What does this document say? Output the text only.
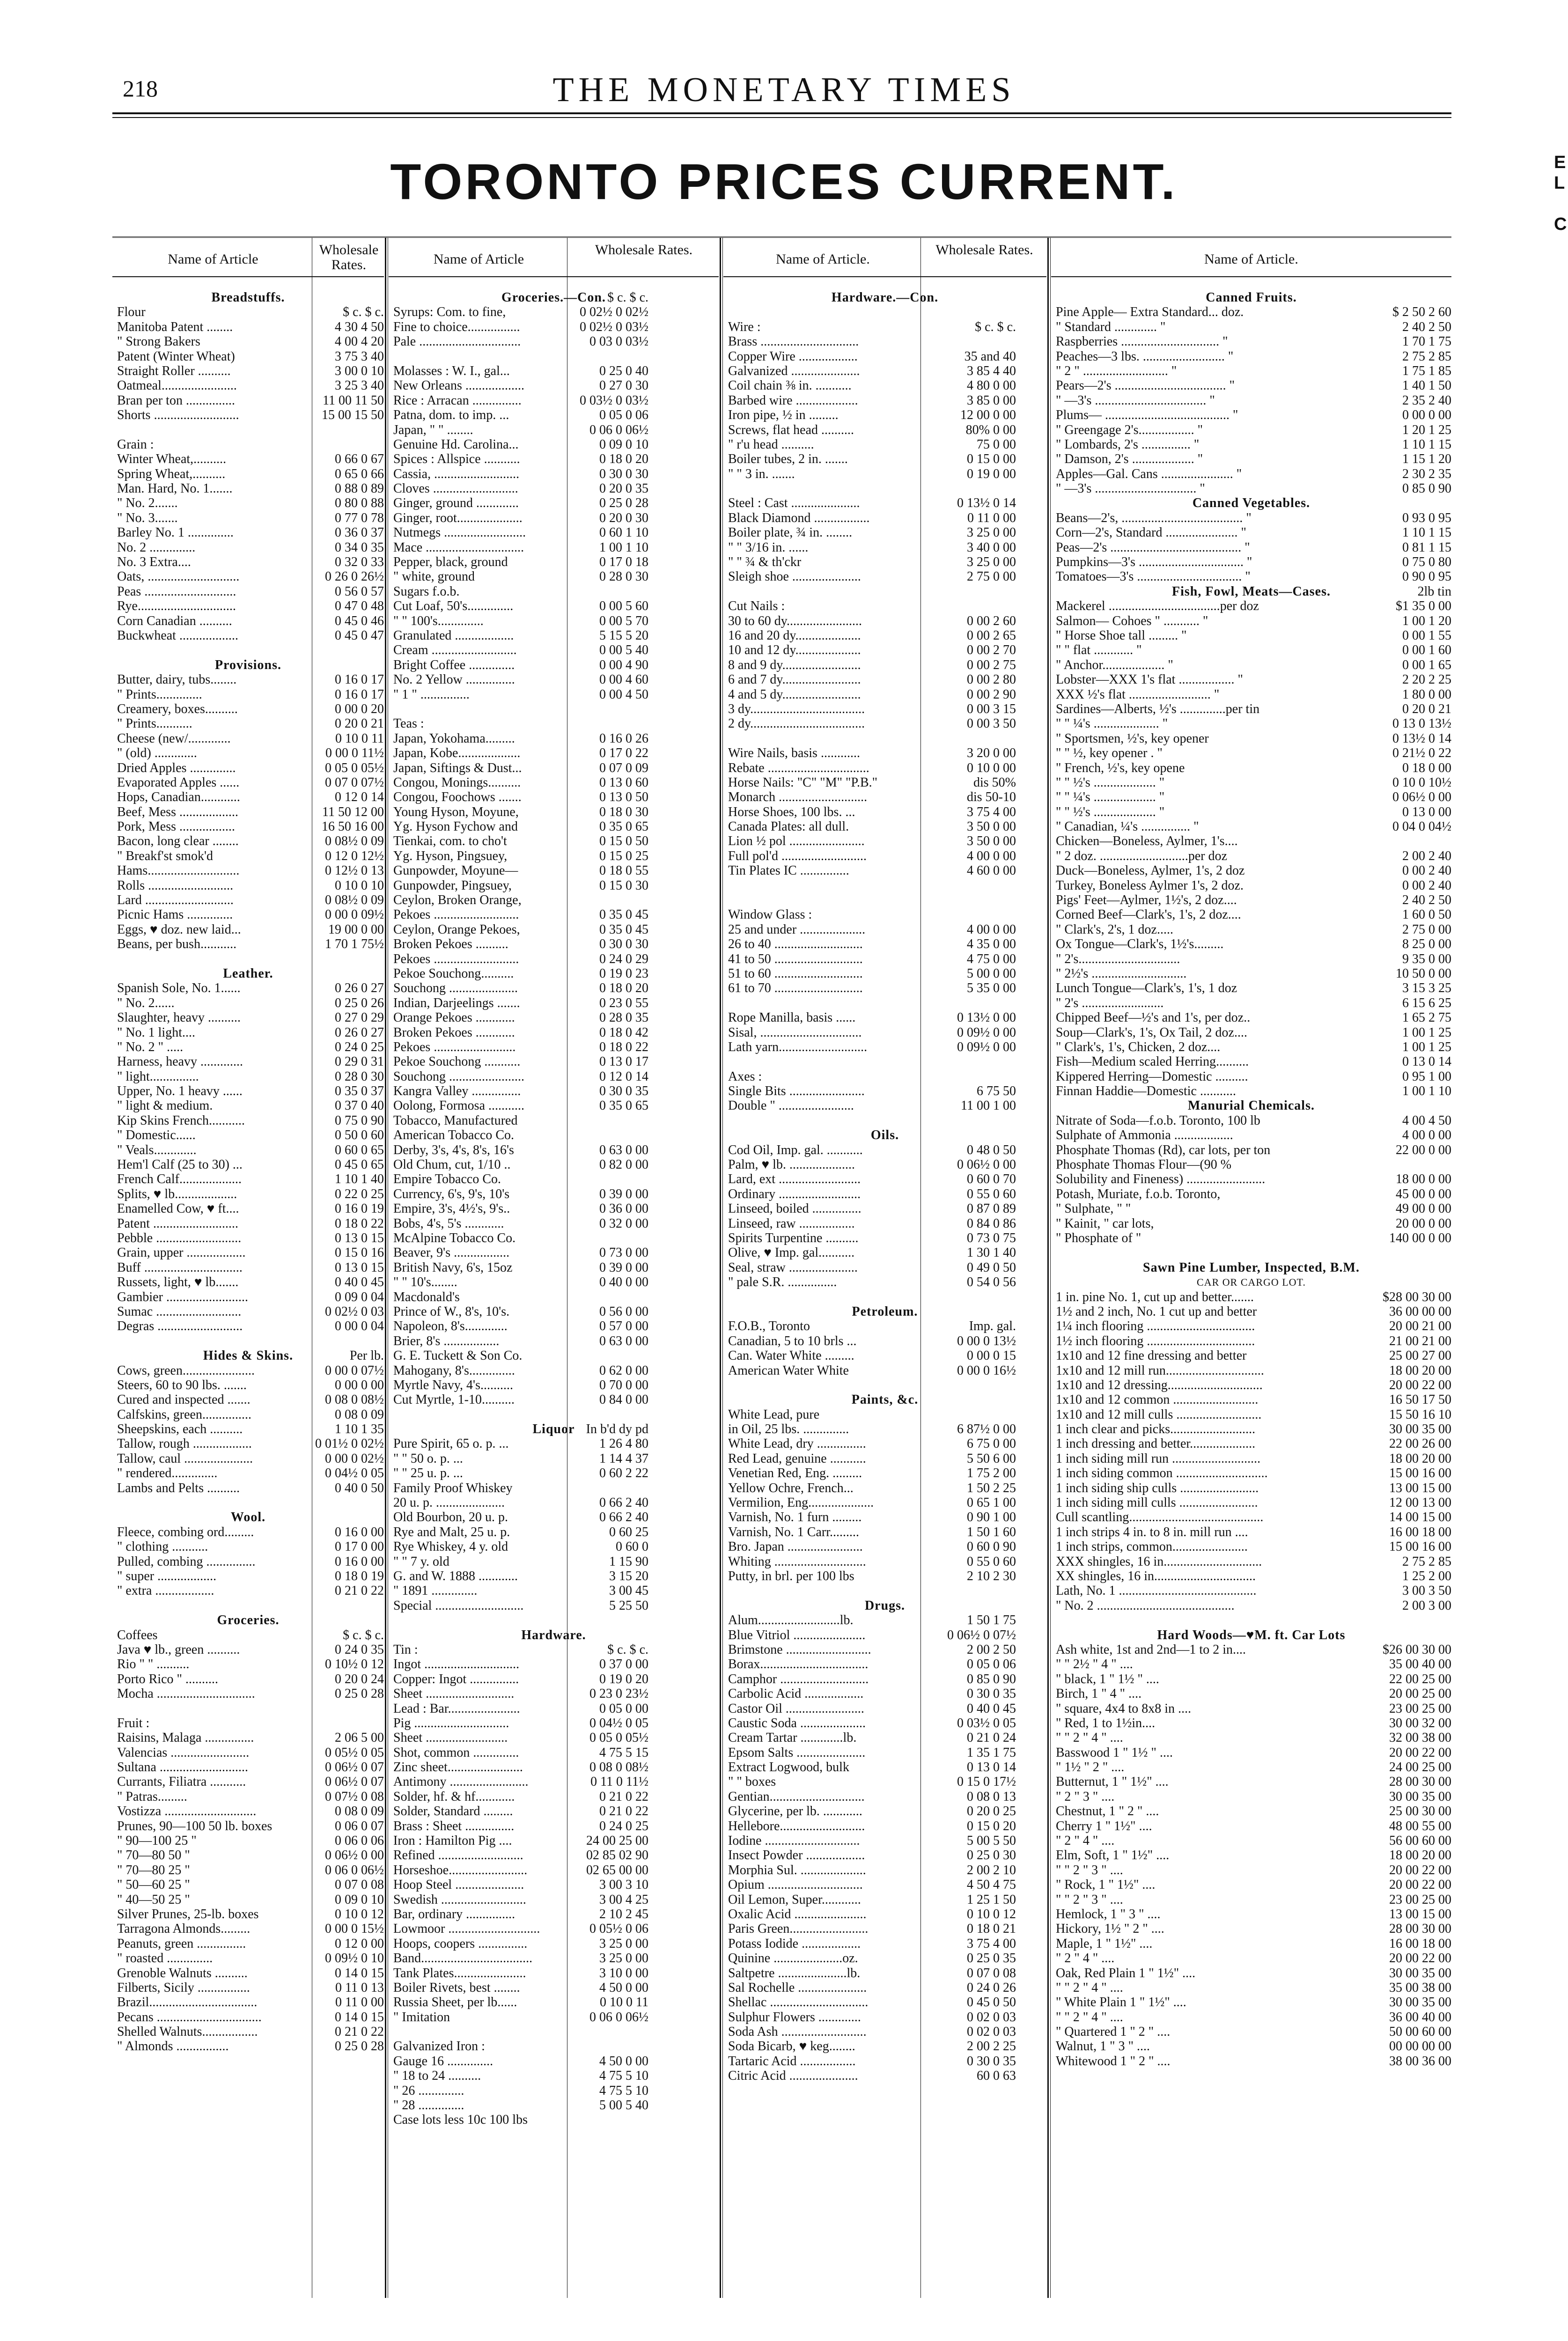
218	THE MONETARY TIMES
TORONTO PRICES CURRENT.	E
L

C

Name of Article
Wholesale Rates.
Breadstuffs.
Flour	$ c. $ c.
Manitoba Patent ........	4 30 4 50
" Strong Bakers	4 00 4 20
Patent (Winter Wheat)	3 75 3 40
Straight Roller ..........	3 00 0 10
Oatmeal.......................	3 25 3 40
Bran per ton ...............	11 00 11 50
Shorts ..........................	15 00 15 50
Grain :
Winter Wheat,..........	0 66 0 67
Spring Wheat,..........	0 65 0 66
Man. Hard, No. 1.......	0 88 0 89
" No. 2.......	0 80 0 88
" No. 3.......	0 77 0 78
Barley No. 1 ..............	0 36 0 37
No. 2 ..............	0 34 0 35
No. 3 Extra....	0 32 0 33
Oats, ............................	0 26 0 26½
Peas ............................	0 56 0 57
Rye..............................	0 47 0 48
Corn Canadian ..........	0 45 0 46
Buckwheat ..................	0 45 0 47
Provisions.
Butter, dairy, tubs........	0 16 0 17
" Prints..............	0 16 0 17
Creamery, boxes..........	0 00 0 20
" Prints...........	0 20 0 21
Cheese (new/.............	0 10 0 11
" (old) .............	0 00 0 11½
Dried Apples ..............	0 05 0 05½
Evaporated Apples ......	0 07 0 07½
Hops, Canadian............	0 12 0 14
Beef, Mess ..................	11 50 12 00
Pork, Mess .................	16 50 16 00
Bacon, long clear ........	0 08½ 0 09
" Breakf'st smok'd	0 12 0 12½
Hams............................	0 12½ 0 13
Rolls ..........................	0 10 0 10
Lard ...........................	0 08½ 0 09
Picnic Hams ..............	0 00 0 09½
Eggs, ♥ doz. new laid...	19 00 0 00
Beans, per bush...........	1 70 1 75½
Leather.
Spanish Sole, No. 1......	0 26 0 27
" No. 2......	0 25 0 26
Slaughter, heavy ..........	0 27 0 29
" No. 1 light....	0 26 0 27
" No. 2 " .....	0 24 0 25
Harness, heavy .............	0 29 0 31
" light...............	0 28 0 30
Upper, No. 1 heavy ......	0 35 0 37
" light & medium.	0 37 0 40
Kip Skins French...........	0 75 0 90
" Domestic......	0 50 0 60
" Veals.............	0 60 0 65
Hem'l Calf (25 to 30) ...	0 45 0 65
French Calf...................	1 10 1 40
Splits, ♥ lb...................	0 22 0 25
Enamelled Cow, ♥ ft....	0 16 0 19
Patent ..........................	0 18 0 22
Pebble ..........................	0 13 0 15
Grain, upper ..................	0 15 0 16
Buff ..............................	0 13 0 15
Russets, light, ♥ lb.......	0 40 0 45
Gambier .........................	0 09 0 04
Sumac ..........................	0 02½ 0 03
Degras ..........................	0 00 0 04
Hides & Skins.	Per lb.
Cows, green......................	0 00 0 07½
Steers, 60 to 90 lbs. .......	0 00 0 00
Cured and inspected .......	0 08 0 08½
Calfskins, green...............	0 08 0 09
Sheepskins, each ..........	1 10 1 35
Tallow, rough ..................	0 01½ 0 02½
Tallow, caul .....................	0 00 0 02½
" rendered..............	0 04½ 0 05
Lambs and Pelts ..........	0 40 0 50
Wool.
Fleece, combing ord.........	0 16 0 00
" clothing ...........	0 17 0 00
Pulled, combing ...............	0 16 0 00
" super ..................	0 18 0 19
" extra ..................	0 21 0 22
Groceries.
Coffees	$ c. $ c.
Java ♥ lb., green ..........	0 24 0 35
Rio " " ..........	0 10½ 0 12
Porto Rico " ..........	0 20 0 24
Mocha ..............................	0 25 0 28
Fruit :
Raisins, Malaga ...............	2 06 5 00
Valencias ........................	0 05½ 0 05
Sultana ...........................	0 06½ 0 07
Currants, Filiatra ...........	0 06½ 0 07
" Patras.........	0 07½ 0 08
Vostizza ............................	0 08 0 09
Prunes, 90—100 50 lb. boxes	0 06 0 07
" 90—100 25 "	0 06 0 06
" 70—80 50 "	0 06½ 0 00
" 70—80 25 "	0 06 0 06½
" 50—60 25 "	0 07 0 08
" 40—50 25 "	0 09 0 10
Silver Prunes, 25-lb. boxes	0 10 0 12
Tarragona Almonds.........	0 00 0 15½
Peanuts, green ...............	0 12 0 00
" roasted ..............	0 09½ 0 10
Grenoble Walnuts ..........	0 14 0 15
Filberts, Sicily ................	0 11 0 13
Brazil.................................	0 11 0 00
Pecans ................................	0 14 0 15
Shelled Walnuts.................	0 21 0 22
" Almonds ................	0 25 0 28
Name of Article
Wholesale Rates.
Groceries.—Con. $ c. $ c.
Syrups: Com. to fine,	0 02½ 0 02½
Fine to choice................	0 02½ 0 03½
Pale ...............................	0 03 0 03½
Molasses : W. I., gal...	0 25 0 40
New Orleans ..................	0 27 0 30
Rice : Arracan ...............	0 03½ 0 03½
Patna, dom. to imp. ...	0 05 0 06
Japan, " " ........	0 06 0 06½
Genuine Hd. Carolina...	0 09 0 10
Spices : Allspice ...........	0 18 0 20
Cassia, ..........................	0 30 0 30
Cloves ..........................	0 20 0 35
Ginger, ground .............	0 25 0 28
Ginger, root....................	0 20 0 30
Nutmegs .........................	0 60 1 10
Mace ..............................	1 00 1 10
Pepper, black, ground	0 17 0 18
" white, ground	0 28 0 30
Sugars f.o.b.
Cut Loaf, 50's..............	0 00 5 60
" " 100's..............	0 00 5 70
Granulated ..................	5 15 5 20
Cream ..........................	0 00 5 40
Bright Coffee ..............	0 00 4 90
No. 2 Yellow ...............	0 00 4 60
" 1 " ...............	0 00 4 50
Teas :
Japan, Yokohama.........	0 16 0 26
Japan, Kobe...................	0 17 0 22
Japan, Siftings & Dust...	0 07 0 09
Congou, Monings..........	0 13 0 60
Congou, Foochows .......	0 13 0 50
Young Hyson, Moyune,	0 18 0 30
Yg. Hyson Fychow and	0 35 0 65
Tienkai, com. to cho't	0 15 0 50
Yg. Hyson, Pingsuey,	0 15 0 25
Gunpowder, Moyune—	0 18 0 55
Gunpowder, Pingsuey,	0 15 0 30
Ceylon, Broken Orange,
Pekoes ..........................	0 35 0 45
Ceylon, Orange Pekoes,	0 35 0 45
Broken Pekoes ..........	0 30 0 30
Pekoes ..........................	0 24 0 29
Pekoe Souchong..........	0 19 0 23
Souchong .....................	0 18 0 20
Indian, Darjeelings .......	0 23 0 55
Orange Pekoes ............	0 28 0 35
Broken Pekoes ............	0 18 0 42
Pekoes .........................	0 18 0 22
Pekoe Souchong ...........	0 13 0 17
Souchong .......................	0 12 0 14
Kangra Valley ...............	0 30 0 35
Oolong, Formosa ...........	0 35 0 65
Tobacco, Manufactured
American Tobacco Co.
Derby, 3's, 4's, 8's, 16's	0 63 0 00
Old Chum, cut, 1/10 ..	0 82 0 00
Empire Tobacco Co.
Currency, 6's, 9's, 10's	0 39 0 00
Empire, 3's, 4½'s, 9's..	0 36 0 00
Bobs, 4's, 5's ............	0 32 0 00
McAlpine Tobacco Co.
Beaver, 9's .................	0 73 0 00
British Navy, 6's, 15oz	0 39 0 00
" " 10's........	0 40 0 00
Macdonald's
Prince of W., 8's, 10's.	0 56 0 00
Napoleon, 8's.............	0 57 0 00
Brier, 8's .................	0 63 0 00
G. E. Tuckett & Son Co.
Mahogany, 8's..............	0 62 0 00
Myrtle Navy, 4's..........	0 70 0 00
Cut Myrtle, 1-10..........	0 84 0 00
Liquor In b'd dy pd
Pure Spirit, 65 o. p. ...	1 26 4 80
" " 50 o. p. ...	1 14 4 37
" " 25 u. p. ...	0 60 2 22
Family Proof Whiskey
20 u. p. .....................	0 66 2 40
Old Bourbon, 20 u. p.	0 66 2 40
Rye and Malt, 25 u. p.	0 60 25
Rye Whiskey, 4 y. old	0 60 0
" " 7 y. old	1 15 90
G. and W. 1888 ............	3 15 20
" 1891 ..............	3 00 45
Special ...........................	5 25 50
Hardware.
Tin :	$ c. $ c.
Ingot .............................	0 37 0 00
Copper: Ingot ...............	0 19 0 20
Sheet ...........................	0 23 0 23½
Lead : Bar......................	0 05 0 00
Pig .............................	0 04½ 0 05
Sheet .........................	0 05 0 05½
Shot, common ..............	4 75 5 15
Zinc sheet.......................	0 08 0 08½
Antimony ........................	0 11 0 11½
Solder, hf. & hf............	0 21 0 22
Solder, Standard .........	0 21 0 22
Brass : Sheet ...............	0 24 0 25
Iron : Hamilton Pig ....	24 00 25 00
Refined ..........................	02 85 02 90
Horseshoe........................	02 65 00 00
Hoop Steel .....................	3 00 3 10
Swedish ..........................	3 00 4 25
Bar, ordinary ...............	2 10 2 45
Lowmoor ............................	0 05½ 0 06
Hoops, coopers ...............	3 25 0 00
Band..................................	3 25 0 00
Tank Plates......................	3 10 0 00
Boiler Rivets, best ........	4 50 0 00
Russia Sheet, per lb......	0 10 0 11
" Imitation	0 06 0 06½
Galvanized Iron :
Gauge 16 ..............	4 50 0 00
" 18 to 24 ..........	4 75 5 10
" 26 ..............	4 75 5 10
" 28 ..............	5 00 5 40
Case lots less 10c 100 lbs
Name of Article.
Wholesale Rates.
Hardware.—Con.
Wire :	$ c. $ c.
Brass ..............................
Copper Wire ..................	35 and 40
Galvanized .....................	3 85 4 40
Coil chain ⅜ in. ...........	4 80 0 00
Barbed wire ...................	3 85 0 00
Iron pipe, ½ in .........	12 00 0 00
Screws, flat head ..........	80% 0 00
" r'u head ..........	75 0 00
Boiler tubes, 2 in. .......	0 15 0 00
" " 3 in. .......	0 19 0 00
Steel : Cast .....................	0 13½ 0 14
Black Diamond .................	0 11 0 00
Boiler plate, ¾ in. ........	3 25 0 00
" " 3/16 in. ......	3 40 0 00
" " ¾ & th'ckr	3 25 0 00
Sleigh shoe .....................	2 75 0 00
Cut Nails :
30 to 60 dy.......................	0 00 2 60
16 and 20 dy....................	0 00 2 65
10 and 12 dy....................	0 00 2 70
8 and 9 dy........................	0 00 2 75
6 and 7 dy........................	0 00 2 80
4 and 5 dy........................	0 00 2 90
3 dy...................................	0 00 3 15
2 dy...................................	0 00 3 50
Wire Nails, basis ............	3 20 0 00
Rebate ...............................	0 10 0 00
Horse Nails: "C" "M" "P.B."	dis 50%
Monarch ...........................	dis 50-10
Horse Shoes, 100 lbs. ...	3 75 4 00
Canada Plates: all dull.	3 50 0 00
Lion ½ pol .......................	3 50 0 00
Full pol'd ..........................	4 00 0 00
Tin Plates IC ...............	4 60 0 00
Window Glass :
25 and under ....................	4 00 0 00
26 to 40 ...........................	4 35 0 00
41 to 50 ...........................	4 75 0 00
51 to 60 ...........................	5 00 0 00
61 to 70 ...........................	5 35 0 00
Rope Manilla, basis ......	0 13½ 0 00
Sisal, ...............................	0 09½ 0 00
Lath yarn...........................	0 09½ 0 00
Axes :
Single Bits .......................	6 75 50
Double " .......................	11 00 1 00
Oils.
Cod Oil, Imp. gal. ...........	0 48 0 50
Palm, ♥ lb. ....................	0 06½ 0 00
Lard, ext .........................	0 60 0 70
Ordinary .........................	0 55 0 60
Linseed, boiled ...............	0 87 0 89
Linseed, raw .................	0 84 0 86
Spirits Turpentine ..........	0 73 0 75
Olive, ♥ Imp. gal...........	1 30 1 40
Seal, straw .....................	0 49 0 50
" pale S.R. ...............	0 54 0 56
Petroleum.
F.O.B., Toronto	Imp. gal.
Canadian, 5 to 10 brls ...	0 00 0 13½
Can. Water White .........	0 00 0 15
American Water White	0 00 0 16½
Paints, &c.
White Lead, pure
in Oil, 25 lbs. ..............	6 87½ 0 00
White Lead, dry ...............	6 75 0 00
Red Lead, genuine ...........	5 50 6 00
Venetian Red, Eng. .........	1 75 2 00
Yellow Ochre, French...	1 50 2 25
Vermilion, Eng....................	0 65 1 00
Varnish, No. 1 furn .........	0 90 1 00
Varnish, No. 1 Carr.........	1 50 1 60
Bro. Japan .......................	0 60 0 90
Whiting ............................	0 55 0 60
Putty, in brl. per 100 lbs	2 10 2 30
Drugs.
Alum.........................lb.	1 50 1 75
Blue Vitriol ......................	0 06½ 0 07½
Brimstone ..........................	2 00 2 50
Borax.................................	0 05 0 06
Camphor ...........................	0 85 0 90
Carbolic Acid ..................	0 30 0 35
Castor Oil ........................	0 40 0 45
Caustic Soda ....................	0 03½ 0 05
Cream Tartar .............lb.	0 21 0 24
Epsom Salts .....................	1 35 1 75
Extract Logwood, bulk	0 13 0 14
" " boxes	0 15 0 17½
Gentian.............................	0 08 0 13
Glycerine, per lb. ............	0 20 0 25
Hellebore..........................	0 15 0 20
Iodine .............................	5 00 5 50
Insect Powder ..................	0 25 0 30
Morphia Sul. ....................	2 00 2 10
Opium .............................	4 50 4 75
Oil Lemon, Super............	1 25 1 50
Oxalic Acid ......................	0 10 0 12
Paris Green........................	0 18 0 21
Potass Iodide ..................	3 75 4 00
Quinine .....................oz.	0 25 0 35
Saltpetre .....................lb.	0 07 0 08
Sal Rochelle .....................	0 24 0 26
Shellac ..............................	0 45 0 50
Sulphur Flowers .............	0 02 0 03
Soda Ash ..........................	0 02 0 03
Soda Bicarb, ♥ keg........	2 00 2 25
Tartaric Acid .................	0 30 0 35
Citric Acid .....................	60 0 63
Name of Article.
Canned Fruits.
Pine Apple— Extra Standard... doz.	$ 2 50 2 60
" Standard ............. "	2 40 2 50
Raspberries .............................. "	1 70 1 75
Peaches—3 lbs. ......................... "	2 75 2 85
" 2 " .......................... "	1 75 1 85
Pears—2's .................................. "	1 40 1 50
" —3's .................................. "	2 35 2 40
Plums— ...................................... "	0 00 0 00
" Greengage 2's................. "	1 20 1 25
" Lombards, 2's ............... "	1 10 1 15
" Damson, 2's ................... "	1 15 1 20
Apples—Gal. Cans ...................... "	2 30 2 35
" —3's ............................... "	0 85 0 90
Canned Vegetables.
Beans—2's, ..................................... "	0 93 0 95
Corn—2's, Standard ...................... "	1 10 1 15
Peas—2's ........................................ "	0 81 1 15
Pumpkins—3's ................................ "	0 75 0 80
Tomatoes—3's ................................ "	0 90 0 95
Fish, Fowl, Meats—Cases.	2lb tin
Mackerel ..................................per doz	$1 35 0 00
Salmon— Cohoes " ........... "	1 00 1 20
" Horse Shoe tall ......... "	0 00 1 55
" " flat ............ "	0 00 1 60
" Anchor................... "	0 00 1 65
Lobster—XXX 1's flat ................. "	2 20 2 25
XXX ½'s flat ......................... "	1 80 0 00
Sardines—Alberts, ½'s ..............per tin	0 20 0 21
" " ¼'s .................... "	0 13 0 13½
" Sportsmen, ½'s, key opener	0 13½ 0 14
" " ½, key opener . "	0 21½ 0 22
" French, ½'s, key opene	0 18 0 00
" " ½'s ................... "	0 10 0 10½
" " ¼'s ................... "	0 06½ 0 00
" " ½'s ................... "	0 13 0 00
" Canadian, ¼'s ............... "	0 04 0 04½
Chicken—Boneless, Aylmer, 1's....
" 2 doz. ...........................per doz	2 00 2 40
Duck—Boneless, Aylmer, 1's, 2 doz	0 00 2 40
Turkey, Boneless Aylmer 1's, 2 doz.	0 00 2 40
Pigs' Feet—Aylmer, 1½'s, 2 doz....	2 40 2 50
Corned Beef—Clark's, 1's, 2 doz....	1 60 0 50
" Clark's, 2's, 1 doz.....	2 75 0 00
Ox Tongue—Clark's, 1½'s.........	8 25 0 00
" 2's...............................	9 35 0 00
" 2½'s .............................	10 50 0 00
Lunch Tongue—Clark's, 1's, 1 doz	3 15 3 25
" 2's .........................	6 15 6 25
Chipped Beef—½'s and 1's, per doz..	1 65 2 75
Soup—Clark's, 1's, Ox Tail, 2 doz....	1 00 1 25
" Clark's, 1's, Chicken, 2 doz....	1 00 1 25
Fish—Medium scaled Herring..........	0 13 0 14
Kippered Herring—Domestic ..........	0 95 1 00
Finnan Haddie—Domestic ...........	1 00 1 10
Manurial Chemicals.
Nitrate of Soda—f.o.b. Toronto, 100 lb	4 00 4 50
Sulphate of Ammonia ..................	4 00 0 00
Phosphate Thomas (Rd), car lots, per ton	22 00 0 00
Phosphate Thomas Flour—(90 %
Solubility and Fineness) ........................	18 00 0 00
Potash, Muriate, f.o.b. Toronto,	45 00 0 00
" Sulphate, " "	49 00 0 00
" Kainit, " car lots,	20 00 0 00
" Phosphate of "	140 00 0 00
Sawn Pine Lumber, Inspected, B.M.
CAR OR CARGO LOT.
1 in. pine No. 1, cut up and better.......	$28 00 30 00
1½ and 2 inch, No. 1 cut up and better	36 00 00 00
1¼ inch flooring .................................	20 00 21 00
1½ inch flooring .................................	21 00 21 00
1x10 and 12 fine dressing and better	25 00 27 00
1x10 and 12 mill run..............................	18 00 20 00
1x10 and 12 dressing.............................	20 00 22 00
1x10 and 12 common ..........................	16 50 17 50
1x10 and 12 mill culls ..........................	15 50 16 10
1 inch clear and picks..........................	30 00 35 00
1 inch dressing and better....................	22 00 26 00
1 inch siding mill run ...........................	18 00 20 00
1 inch siding common ............................	15 00 16 00
1 inch siding ship culls ........................	13 00 15 00
1 inch siding mill culls ........................	12 00 13 00
Cull scantling.........................................	14 00 15 00
1 inch strips 4 in. to 8 in. mill run ....	16 00 18 00
1 inch strips, common.......................	15 00 16 00
XXX shingles, 16 in..............................	2 75 2 85
XX shingles, 16 in...............................	1 25 2 00
Lath, No. 1 ..........................................	3 00 3 50
" No. 2 ..........................................	2 00 3 00
Hard Woods—♥M. ft. Car Lots
Ash white, 1st and 2nd—1 to 2 in....	$26 00 30 00
" " 2½ " 4 " ....	35 00 40 00
" black, 1 " 1½ " ....	22 00 25 00
Birch, 1 " 4 " ....	20 00 25 00
" square, 4x4 to 8x8 in ....	23 00 25 00
" Red, 1 to 1½in....	30 00 32 00
" " 2 " 4 " ....	32 00 38 00
Basswood 1 " 1½ " ....	20 00 22 00
" 1½ " 2 " ....	24 00 25 00
Butternut, 1 " 1½" ....	28 00 30 00
" 2 " 3 " ....	30 00 35 00
Chestnut, 1 " 2 " ....	25 00 30 00
Cherry 1 " 1½" ....	48 00 55 00
" 2 " 4 " ....	56 00 60 00
Elm, Soft, 1 " 1½" ....	18 00 20 00
" " 2 " 3 " ....	20 00 22 00
" Rock, 1 " 1½" ....	20 00 22 00
" " 2 " 3 " ....	23 00 25 00
Hemlock, 1 " 3 " ....	13 00 15 00
Hickory, 1½ " 2 " ....	28 00 30 00
Maple, 1 " 1½" ....	16 00 18 00
" 2 " 4 " ....	20 00 22 00
Oak, Red Plain 1 " 1½" ....	30 00 35 00
" " 2 " 4 " ....	35 00 38 00
" White Plain 1 " 1½" ....	30 00 35 00
" " 2 " 4 " ....	36 00 40 00
" Quartered 1 " 2 " ....	50 00 60 00
Walnut, 1 " 3 " ....	00 00 00 00
Whitewood 1 " 2 " ....	38 00 36 00
